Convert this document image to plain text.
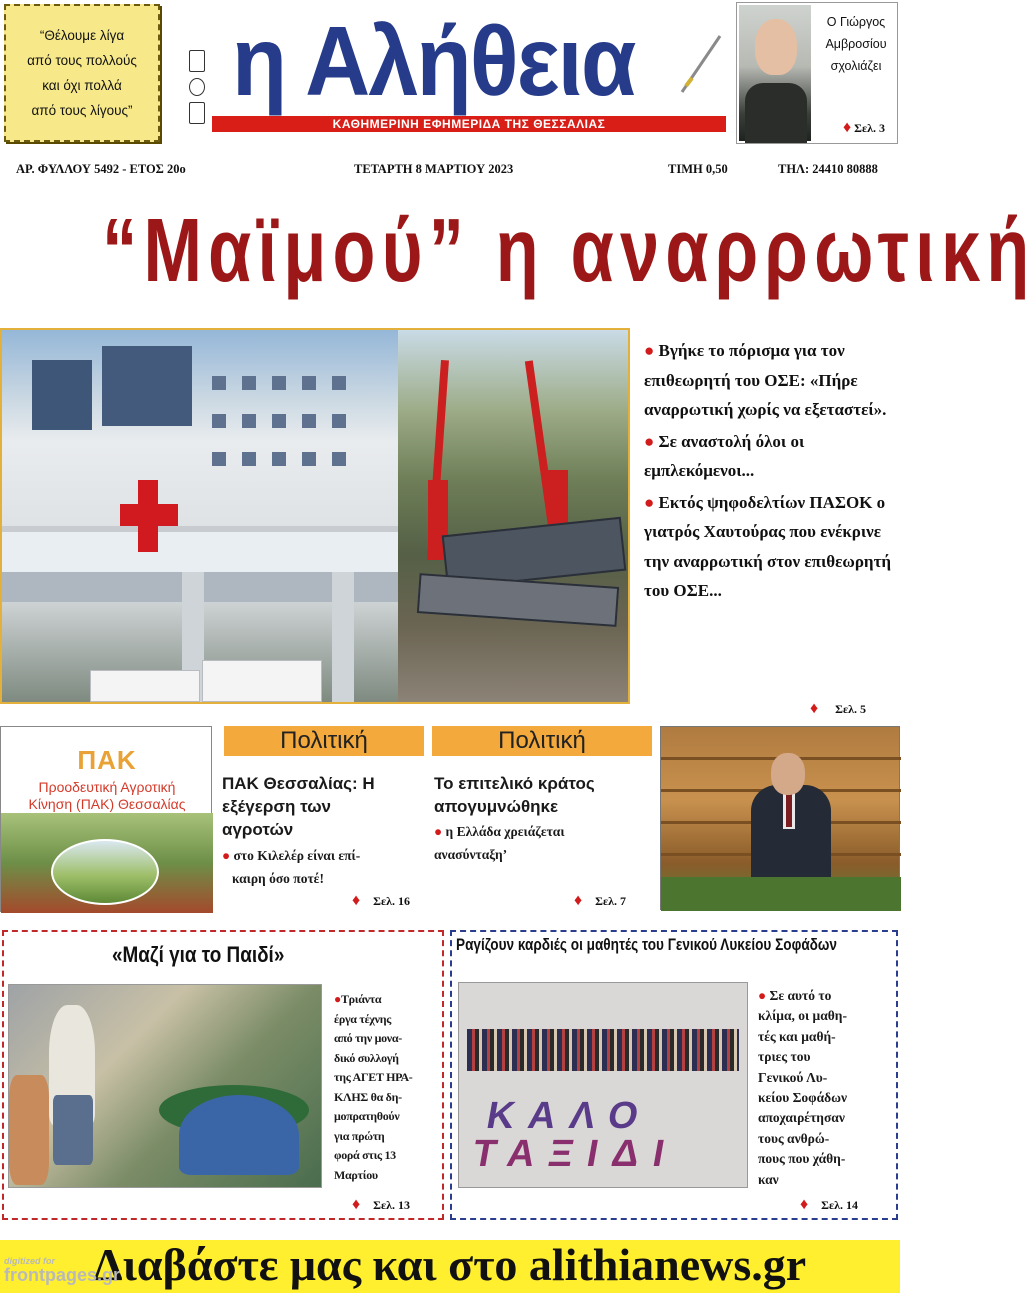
“Θέλουμε λίγα
από τους πολλούς
και όχι πολλά
από τους λίγους” η Αλήθεια
ΚΑΘΗΜΕΡΙΝΗ ΕΦΗΜΕΡΙΔΑ ΤΗΣ ΘΕΣΣΑΛΙΑΣ
Ο Γιώργος
Αμβροσίου
σχολιάζει
♦ Σελ. 3
ΑΡ. ΦΥΛΛΟΥ 5492 - ΕΤΟΣ 20ο	ΤΕΤΑΡΤΗ 8 ΜΑΡΤΙΟΥ 2023	ΤΙΜΗ 0,50	ΤΗΛ: 24410 80888
“Μαϊμού” η αναρρωτική

● Βγήκε το πόρισμα για τον επιθεωρητή του ΟΣΕ: «Πήρε αναρρωτική χωρίς να εξεταστεί».

● Σε αναστολή όλοι οι εμπλεκόμενοι...

● Εκτός ψηφοδελτίων ΠΑΣΟΚ ο γιατρός Χαυτούρας που ενέκρινε την αναρρωτική στον επιθεωρητή του ΟΣΕ...

♦ Σελ. 5
ΠΑΚ
Προοδευτική Αγροτική
Κίνηση (ΠΑΚ) Θεσσαλίας
Πολιτική
ΠΑΚ Θεσσαλίας: Η
εξέγερση των
αγροτών
● στο Κιλελέρ είναι επί-
καιρη όσο ποτέ!
♦ Σελ. 16
Πολιτική
Το επιτελικό κράτος
απογυμνώθηκε
● η Ελλάδα χρειάζεται
ανασύνταξη’
♦ Σελ. 7
«Μαζί για το Παιδί»
●Τριάντα
έργα τέχνης
από την μονα-
δικό συλλογή
της ΑΓΕΤ ΗΡΑ-
ΚΛΗΣ θα δη-
μοπρατηθούν
για πρώτη
φορά στις 13
Μαρτίου
♦ Σελ. 13
Ραγίζουν καρδιές οι μαθητές του Γενικού Λυκείου Σοφάδων
ΚΑΛΟ
ΤΑΞΙΔΙ
● Σε αυτό το
κλίμα, οι μαθη-
τές και μαθή-
τριες του
Γενικού Λυ-
κείου Σοφάδων
αποχαιρέτησαν
τους ανθρώ-
πους που χάθη-
καν
♦ Σελ. 14
Διαβάστε μας και στο alithianews.gr
digitized for
frontpages.gr
